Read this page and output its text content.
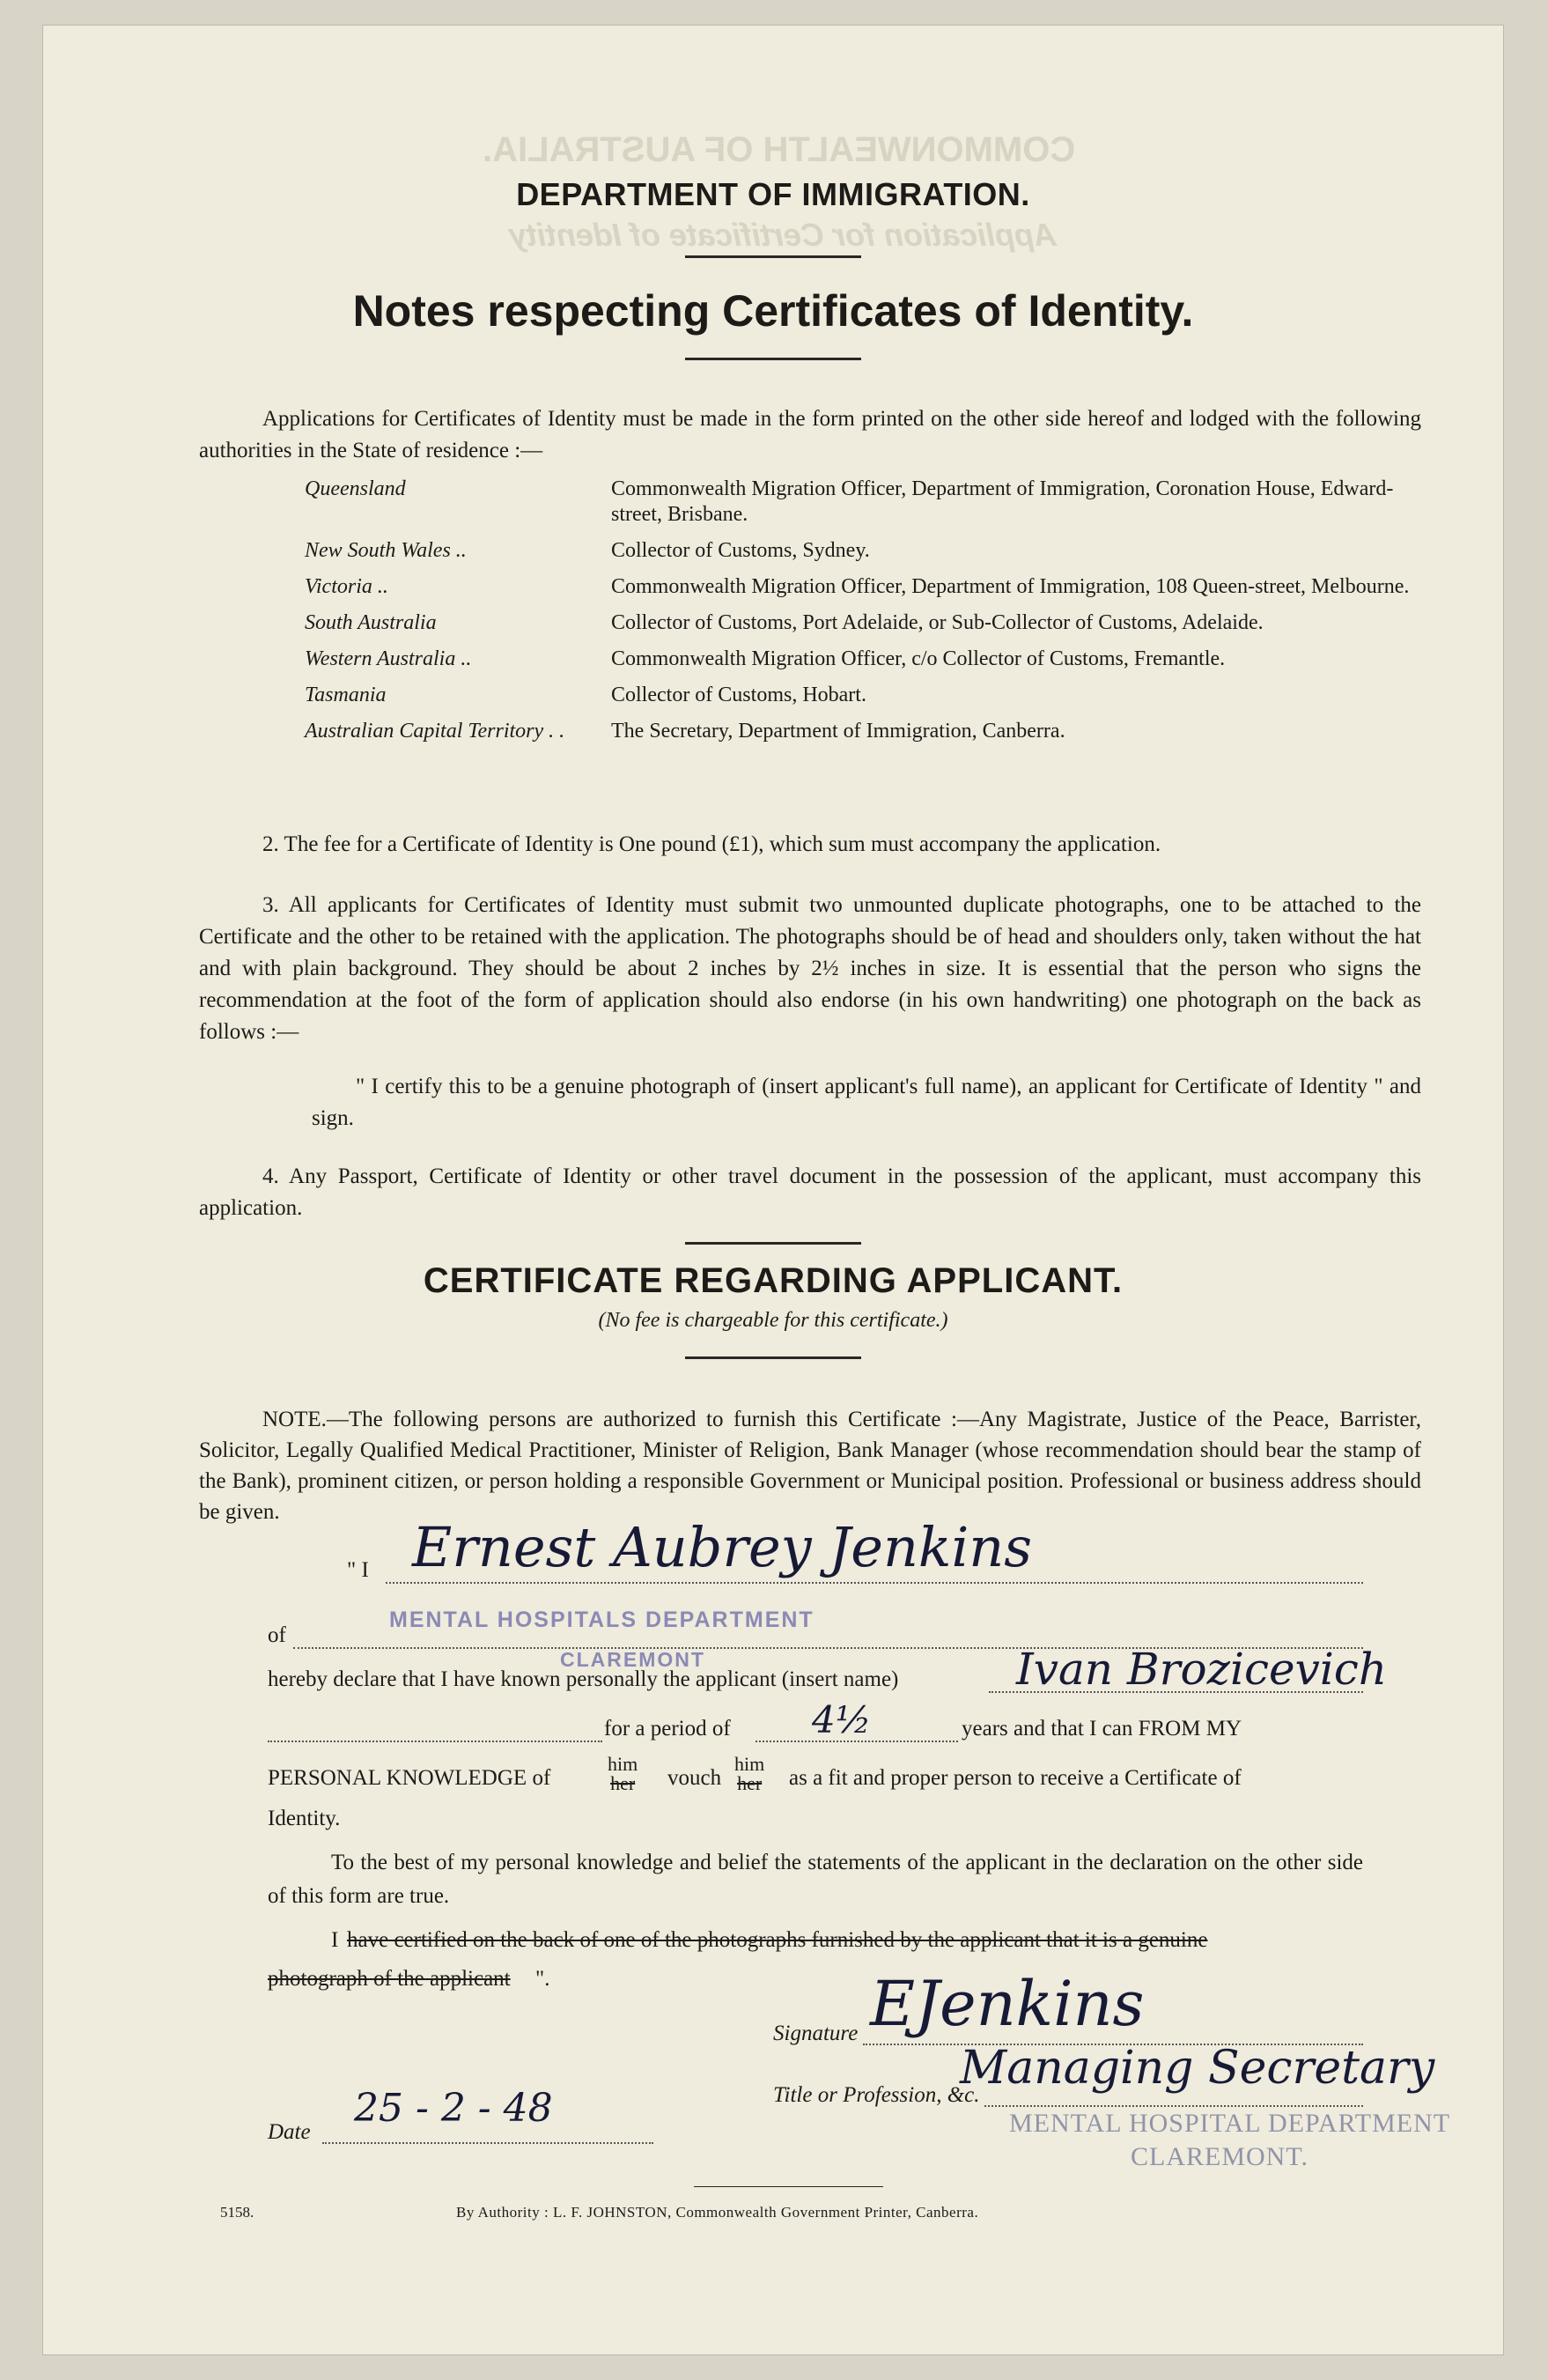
COMMONWEALTH OF AUSTRALIA.
Application for Certificate of Identity
DEPARTMENT OF IMMIGRATION.
Notes respecting Certificates of Identity.
Applications for Certificates of Identity must be made in the form printed on the other side hereof and lodged with the following authorities in the State of residence :—
Queensland	Commonwealth Migration Officer, Department of Immigration, Coronation House, Edward-street, Brisbane.
New South Wales ..	Collector of Customs, Sydney.
Victoria ..	Commonwealth Migration Officer, Department of Immigration, 108 Queen-street, Melbourne.
South Australia	Collector of Customs, Port Adelaide, or Sub-Collector of Customs, Adelaide.
Western Australia ..	Commonwealth Migration Officer, c/o Collector of Customs, Fremantle.
Tasmania	Collector of Customs, Hobart.
Australian Capital Territory . .	The Secretary, Department of Immigration, Canberra.
2. The fee for a Certificate of Identity is One pound (£1), which sum must accompany the application.
3. All applicants for Certificates of Identity must submit two unmounted duplicate photographs, one to be attached to the Certificate and the other to be retained with the application. The photographs should be of head and shoulders only, taken without the hat and with plain background. They should be about 2 inches by 2½ inches in size. It is essential that the person who signs the recommendation at the foot of the form of application should also endorse (in his own handwriting) one photograph on the back as follows :—
" I certify this to be a genuine photograph of (insert applicant's full name), an applicant for Certificate of Identity " and sign.
4. Any Passport, Certificate of Identity or other travel document in the possession of the applicant, must accompany this application.
CERTIFICATE REGARDING APPLICANT.
(No fee is chargeable for this certificate.)
NOTE.—The following persons are authorized to furnish this Certificate :—Any Magistrate, Justice of the Peace, Barrister, Solicitor, Legally Qualified Medical Practitioner, Minister of Religion, Bank Manager (whose recommendation should bear the stamp of the Bank), prominent citizen, or person holding a responsible Government or Municipal position. Professional or business address should be given.
" I Ernest Aubrey Jenkins
of
MENTAL HOSPITALS DEPARTMENT
CLAREMONT
hereby declare that I have known personally the applicant (insert name)	Ivan Brozicevich
for a period of 4½	years and that I can FROM MY
PERSONAL KNOWLEDGE of
him
her vouch
him
her as a fit and proper person to receive a Certificate of
Identity.
To the best of my personal knowledge and belief the statements of the applicant in the declaration on the other side of this form are true.
I have certified on the back of one of the photographs furnished by the applicant that it is a genuine
photograph of the applicant ".
Signature EJenkins
Title or Profession, &c.
Managing Secretary
MENTAL HOSPITAL DEPARTMENT
CLAREMONT.
Date
25 - 2 - 48
5158.	By Authority : L. F. JOHNSTON, Commonwealth Government Printer, Canberra.
